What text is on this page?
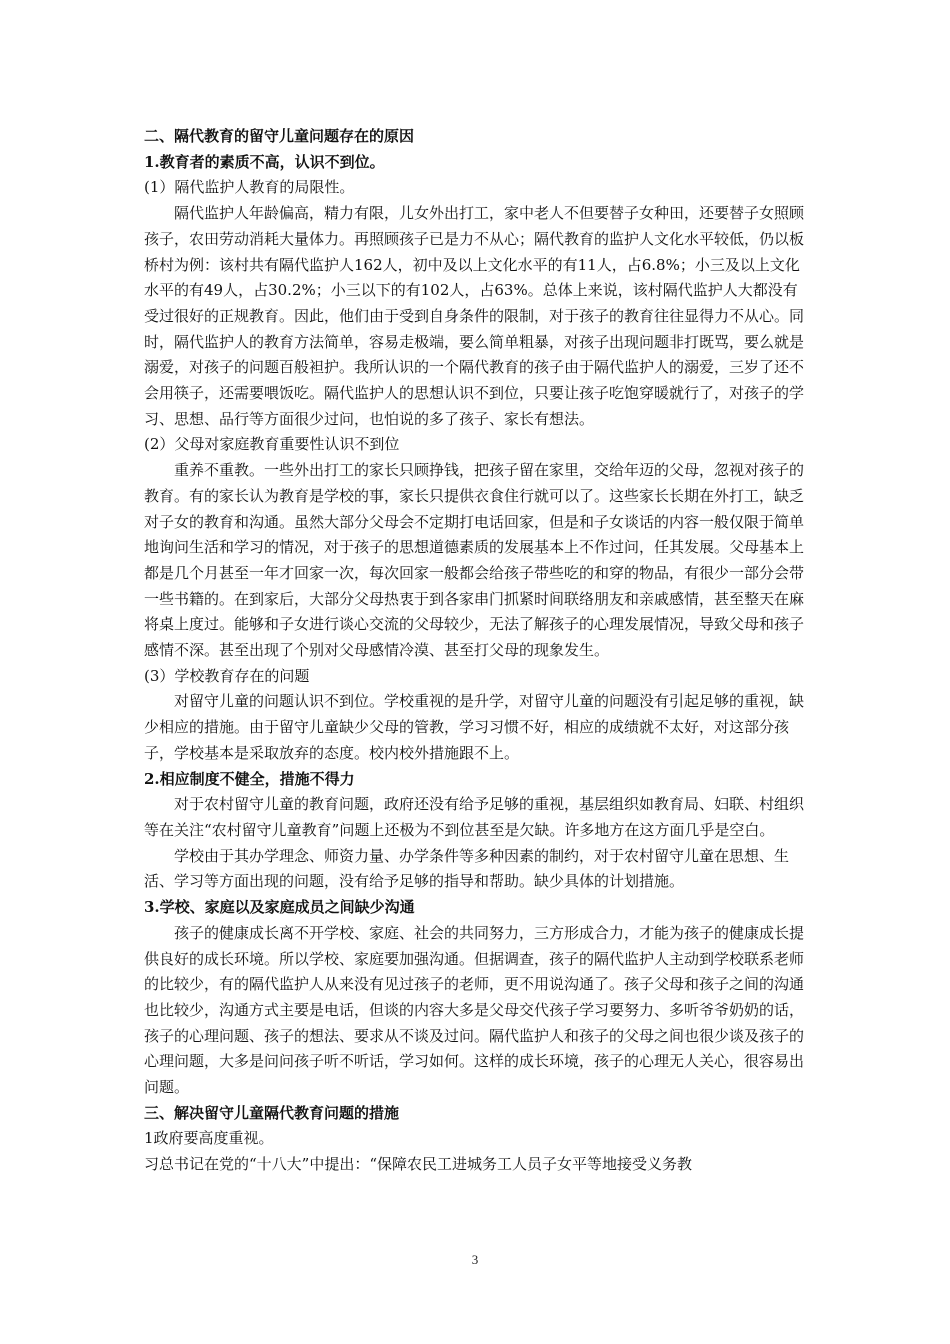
二、隔代教育的留守儿童问题存在的原因

1.教育者的素质不高，认识不到位。

(1）隔代监护人教育的局限性。

隔代监护人年龄偏高，精力有限，儿女外出打工，家中老人不但要替子女种田，还要替子女照顾孩子，农田劳动消耗大量体力。再照顾孩子已是力不从心；隔代教育的监护人文化水平较低，仍以板桥村为例：该村共有隔代监护人162人，初中及以上文化水平的有11人，占6.8%；小三及以上文化水平的有49人，占30.2%；小三以下的有102人，占63%。总体上来说，该村隔代监护人大都没有受过很好的正规教育。因此，他们由于受到自身条件的限制，对于孩子的教育往往显得力不从心。同时，隔代监护人的教育方法简单，容易走极端，要么简单粗暴，对孩子出现问题非打既骂，要么就是溺爱，对孩子的问题百般袒护。我所认识的一个隔代教育的孩子由于隔代监护人的溺爱，三岁了还不会用筷子，还需要喂饭吃。隔代监护人的思想认识不到位，只要让孩子吃饱穿暖就行了，对孩子的学习、思想、品行等方面很少过问，也怕说的多了孩子、家长有想法。

(2）父母对家庭教育重要性认识不到位

重养不重教。一些外出打工的家长只顾挣钱，把孩子留在家里，交给年迈的父母，忽视对孩子的教育。有的家长认为教育是学校的事，家长只提供衣食住行就可以了。这些家长长期在外打工，缺乏对子女的教育和沟通。虽然大部分父母会不定期打电话回家，但是和子女谈话的内容一般仅限于简单地询问生活和学习的情况，对于孩子的思想道德素质的发展基本上不作过问，任其发展。父母基本上都是几个月甚至一年才回家一次，每次回家一般都会给孩子带些吃的和穿的物品，有很少一部分会带一些书籍的。在到家后，大部分父母热衷于到各家串门抓紧时间联络朋友和亲戚感情，甚至整天在麻将桌上度过。能够和子女进行谈心交流的父母较少，无法了解孩子的心理发展情况，导致父母和孩子感情不深。甚至出现了个别对父母感情冷漠、甚至打父母的现象发生。

(3）学校教育存在的问题

对留守儿童的问题认识不到位。学校重视的是升学，对留守儿童的问题没有引起足够的重视，缺少相应的措施。由于留守儿童缺少父母的管教，学习习惯不好，相应的成绩就不太好，对这部分孩子，学校基本是采取放弃的态度。校内校外措施跟不上。

2.相应制度不健全，措施不得力

对于农村留守儿童的教育问题，政府还没有给予足够的重视，基层组织如教育局、妇联、村组织等在关注“农村留守儿童教育”问题上还极为不到位甚至是欠缺。许多地方在这方面几乎是空白。

学校由于其办学理念、师资力量、办学条件等多种因素的制约，对于农村留守儿童在思想、生活、学习等方面出现的问题，没有给予足够的指导和帮助。缺少具体的计划措施。

3.学校、家庭以及家庭成员之间缺少沟通

孩子的健康成长离不开学校、家庭、社会的共同努力，三方形成合力，才能为孩子的健康成长提供良好的成长环境。所以学校、家庭要加强沟通。但据调查，孩子的隔代监护人主动到学校联系老师的比较少，有的隔代监护人从来没有见过孩子的老师，更不用说沟通了。孩子父母和孩子之间的沟通也比较少，沟通方式主要是电话，但谈的内容大多是父母交代孩子学习要努力、多听爷爷奶奶的话，孩子的心理问题、孩子的想法、要求从不谈及过问。隔代监护人和孩子的父母之间也很少谈及孩子的心理问题，大多是问问孩子听不听话，学习如何。这样的成长环境，孩子的心理无人关心，很容易出问题。

三、解决留守儿童隔代教育问题的措施

1政府要高度重视。

习总书记在党的“十八大”中提出：“保障农民工进城务工人员子女平等地接受义务教

3
